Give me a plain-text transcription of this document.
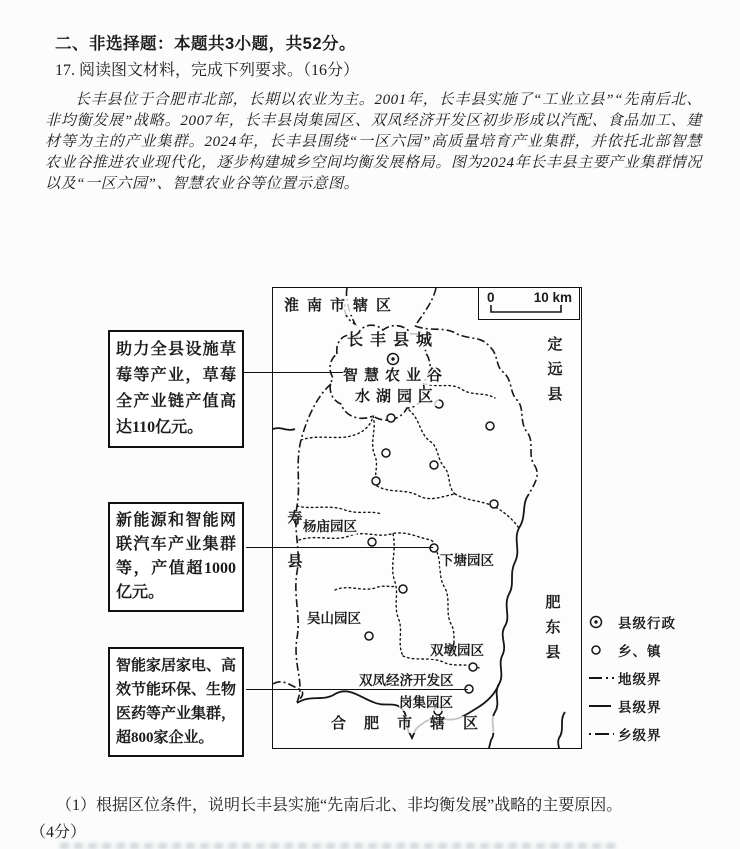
二、非选择题：本题共3小题，共52分。
17. 阅读图文材料，完成下列要求。（16分）
长丰县位于合肥市北部，长期以农业为主。2001年，长丰县实施了“工业立县”“先南后北、非均衡发展”战略。2007年，长丰县岗集园区、双凤经济开发区初步形成以汽配、食品加工、建材等为主的产业集群。2024年，长丰县围绕“一区六园”高质量培育产业集群，并依托北部智慧农业谷推进农业现代化，逐步构建城乡空间均衡发展格局。图为2024年长丰县主要产业集群情况以及“一区六园”、智慧农业谷等位置示意图。
助力全县设施草莓等产业，草莓全产业链产值高达110亿元。
新能源和智能网联汽车产业集群等，产值超1000亿元。
智能家居家电、高效节能环保、生物医药等产业集群，超800家企业。
0	10 km
淮南市辖区
长丰县城
智慧农业谷
水湖园区	定远县
寿县
肥东县
杨庙园区
下塘园区
吴山园区
双墩园区
双凤经济开发区
岗集园区
合肥市辖区
县级行政
乡、镇
地级界
县级界
乡级界
（1）根据区位条件，说明长丰县实施“先南后北、非均衡发展”战略的主要原因。
（4分）
